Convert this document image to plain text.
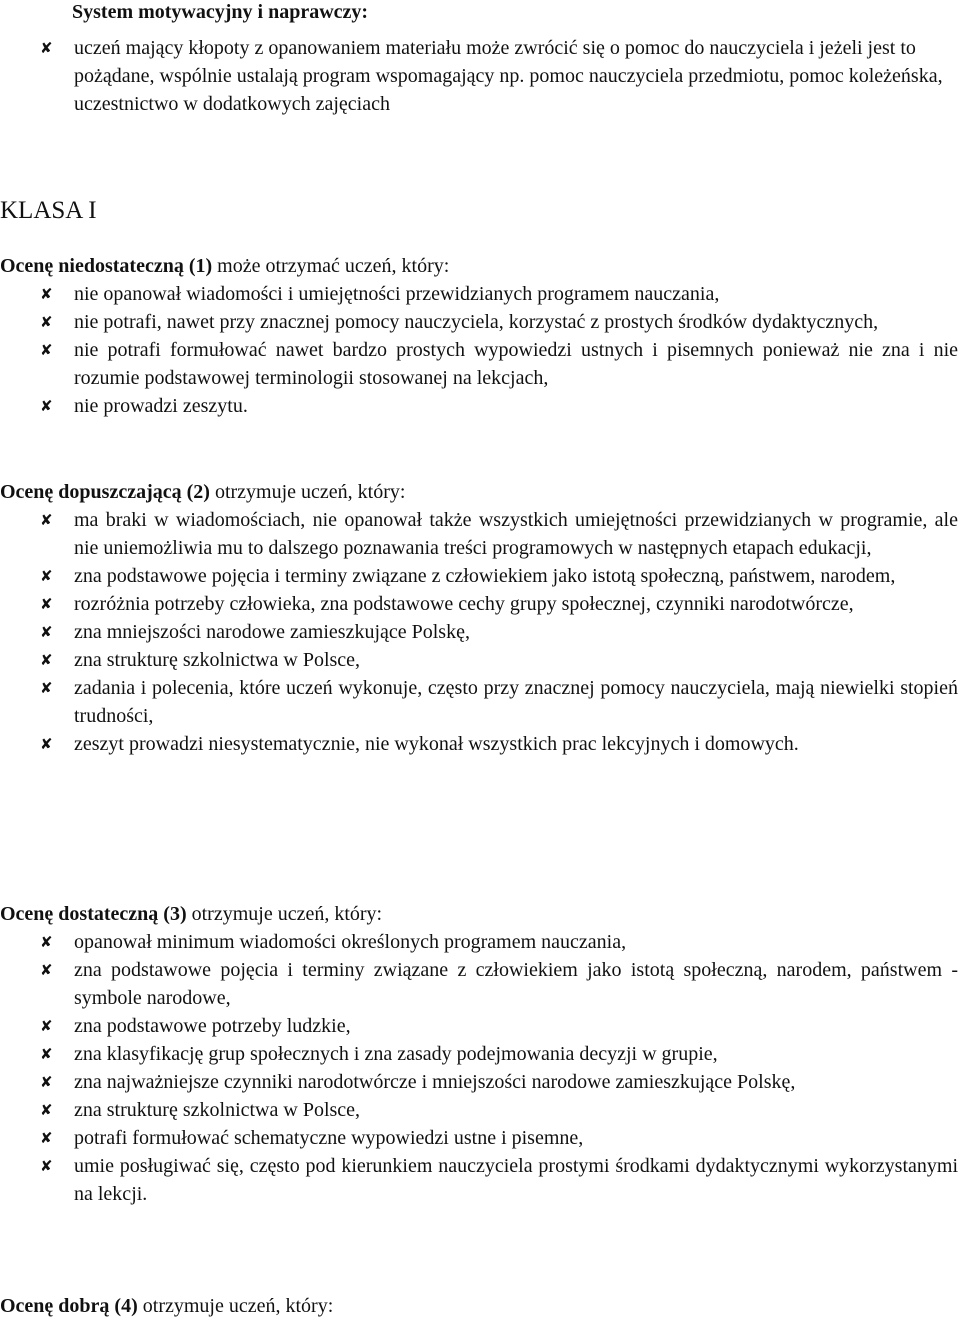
System motywacyjny i naprawczy:
✘ uczeń mający kłopoty z opanowaniem materiału może zwrócić się o pomoc do nauczyciela i jeżeli jest to pożądane, wspólnie ustalają program wspomagający np. pomoc nauczyciela przedmiotu, pomoc koleżeńska, uczestnictwo w dodatkowych zajęciach
KLASA I

Ocenę niedostateczną (1) może otrzymać uczeń, który:

✘ nie opanował wiadomości i umiejętności przewidzianych programem nauczania,
✘ nie potrafi, nawet przy znacznej pomocy nauczyciela, korzystać z prostych środków dydaktycznych,
✘ nie potrafi formułować nawet bardzo prostych wypowiedzi ustnych i pisemnych ponieważ nie zna i nie rozumie podstawowej terminologii stosowanej na lekcjach,
✘ nie prowadzi zeszytu.

Ocenę dopuszczającą (2) otrzymuje uczeń, który:

✘ ma braki w wiadomościach, nie opanował także wszystkich umiejętności przewidzianych w programie, ale nie uniemożliwia mu to dalszego poznawania treści programowych w następnych etapach edukacji,
✘ zna podstawowe pojęcia i terminy związane z człowiekiem jako istotą społeczną, państwem, narodem,
✘ rozróżnia potrzeby człowieka, zna podstawowe cechy grupy społecznej, czynniki narodotwórcze,
✘ zna mniejszości narodowe zamieszkujące Polskę,
✘ zna strukturę szkolnictwa w Polsce,
✘ zadania i polecenia, które uczeń wykonuje, często przy znacznej pomocy nauczyciela, mają niewielki stopień trudności,
✘ zeszyt prowadzi niesystematycznie, nie wykonał wszystkich prac lekcyjnych i domowych.

Ocenę dostateczną (3) otrzymuje uczeń, który:

✘ opanował minimum wiadomości określonych programem nauczania,
✘ zna podstawowe pojęcia i terminy związane z człowiekiem jako istotą społeczną, narodem, państwem - symbole narodowe,
✘ zna podstawowe potrzeby ludzkie,
✘ zna klasyfikację grup społecznych i zna zasady podejmowania decyzji w grupie,
✘ zna najważniejsze czynniki narodotwórcze i mniejszości narodowe zamieszkujące Polskę,
✘ zna strukturę szkolnictwa w Polsce,
✘ potrafi formułować schematyczne wypowiedzi ustne i pisemne,
✘ umie posługiwać się, często pod kierunkiem nauczyciela prostymi środkami dydaktycznymi wykorzystanymi na lekcji.

Ocenę dobrą (4) otrzymuje uczeń, który:
